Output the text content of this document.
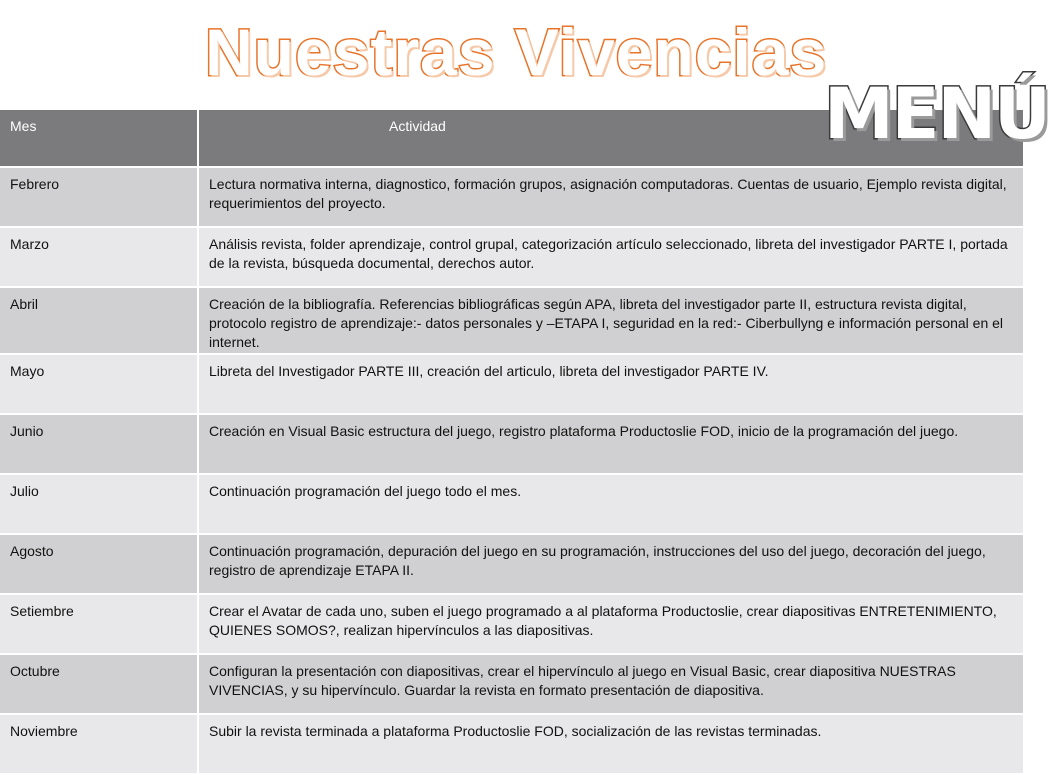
Nuestras Vivencias
MENÚ
Mes	Actividad
Febrero	Lectura normativa interna, diagnostico, formación grupos, asignación computadoras. Cuentas de usuario, Ejemplo revista digital, requerimientos del proyecto.
Marzo	Análisis revista, folder aprendizaje, control grupal, categorización artículo seleccionado, libreta del investigador PARTE I, portada de la revista, búsqueda documental, derechos autor.
Abril	Creación de la bibliografía. Referencias bibliográficas según APA, libreta del investigador parte II, estructura revista digital, protocolo registro de aprendizaje:- datos personales y –ETAPA I, seguridad en la red:- Ciberbullyng e información personal en el internet.
Mayo	Libreta del Investigador PARTE III, creación del articulo, libreta del investigador PARTE IV.
Junio	Creación en Visual Basic estructura del juego, registro plataforma Productoslie FOD, inicio de la programación del juego.
Julio	Continuación programación del juego todo el mes.
Agosto	Continuación programación, depuración del juego en su programación, instrucciones del uso del juego, decoración del juego, registro de aprendizaje ETAPA II.
Setiembre	Crear el Avatar de cada uno, suben el juego programado a al plataforma Productoslie, crear diapositivas ENTRETENIMIENTO, QUIENES SOMOS?, realizan hipervínculos a las diapositivas.
Octubre	Configuran la presentación con diapositivas, crear el hipervínculo al juego en Visual Basic, crear diapositiva NUESTRAS VIVENCIAS, y su hipervínculo. Guardar la revista en formato presentación de diapositiva.
Noviembre	Subir la revista terminada a plataforma Productoslie FOD, socialización de las revistas terminadas.
